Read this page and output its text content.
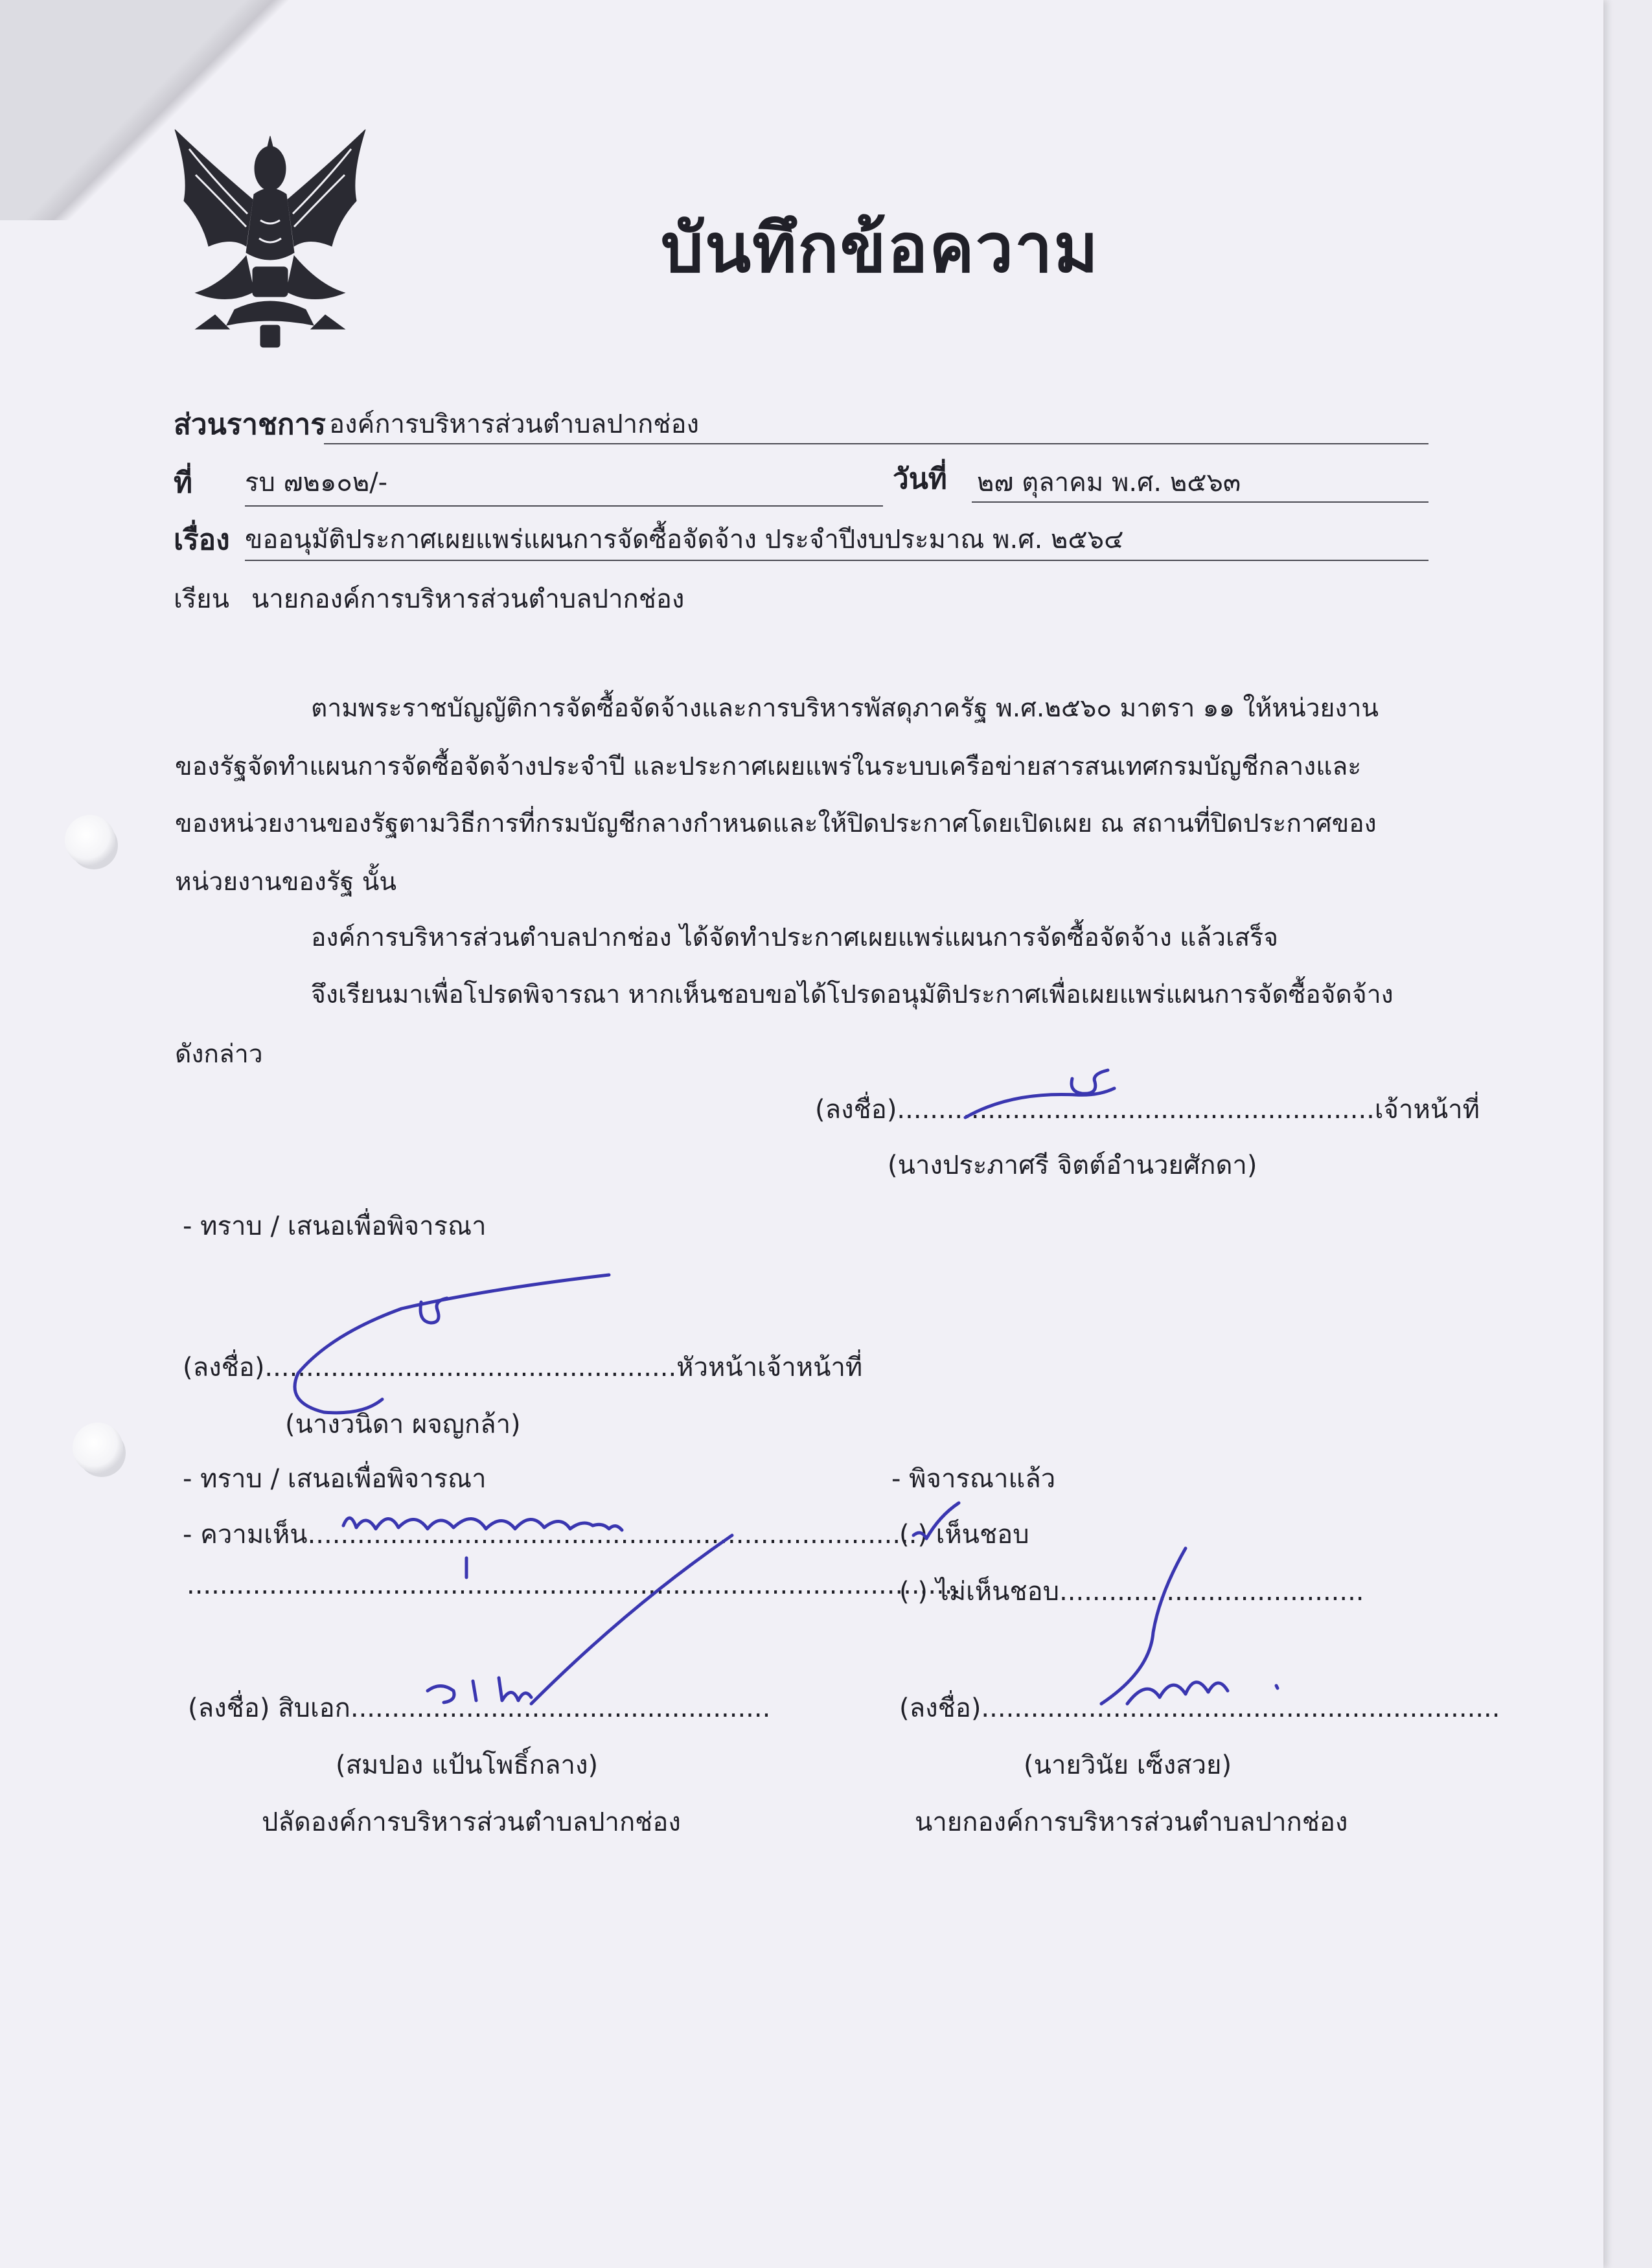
บันทึกข้อความ
ส่วนราชการ องค์การบริหารส่วนตำบลปากช่อง
ที่ รบ ๗๒๑๐๒/-	วันที่ ๒๗ ตุลาคม พ.ศ. ๒๕๖๓
เรื่อง ขออนุมัติประกาศเผยแพร่แผนการจัดซื้อจัดจ้าง ประจำปีงบประมาณ พ.ศ. ๒๕๖๔
เรียน นายกองค์การบริหารส่วนตำบลปากช่อง
ตามพระราชบัญญัติการจัดซื้อจัดจ้างและการบริหารพัสดุภาครัฐ พ.ศ.๒๕๖๐ มาตรา ๑๑ ให้หน่วยงาน
ของรัฐจัดทำแผนการจัดซื้อจัดจ้างประจำปี และประกาศเผยแพร่ในระบบเครือข่ายสารสนเทศกรมบัญชีกลางและ
ของหน่วยงานของรัฐตามวิธีการที่กรมบัญชีกลางกำหนดและให้ปิดประกาศโดยเปิดเผย ณ สถานที่ปิดประกาศของ
หน่วยงานของรัฐ นั้น
องค์การบริหารส่วนตำบลปากช่อง ได้จัดทำประกาศเผยแพร่แผนการจัดซื้อจัดจ้าง แล้วเสร็จ
จึงเรียนมาเพื่อโปรดพิจารณา หากเห็นชอบขอได้โปรดอนุมัติประกาศเพื่อเผยแพร่แผนการจัดซื้อจัดจ้าง
ดังกล่าว
(ลงชื่อ)..........................................................เจ้าหน้าที่
(นางประภาศรี จิตต์อำนวยศักดา)
- ทราบ / เสนอเพื่อพิจารณา
(ลงชื่อ)..................................................หัวหน้าเจ้าหน้าที่
(นางวนิดา ผจญกล้า)
- ทราบ / เสนอเพื่อพิจารณา
- ความเห็น..........................................................................
..............................................................................................
(ลงชื่อ) สิบเอก...................................................
(สมปอง แป้นโพธิ์กลาง)
ปลัดองค์การบริหารส่วนตำบลปากช่อง
- พิจารณาแล้ว
( ) เห็นชอบ
( ) ไม่เห็นชอบ.....................................
(ลงชื่อ)...............................................................
(นายวินัย เซ็งสวย)
นายกองค์การบริหารส่วนตำบลปากช่อง
